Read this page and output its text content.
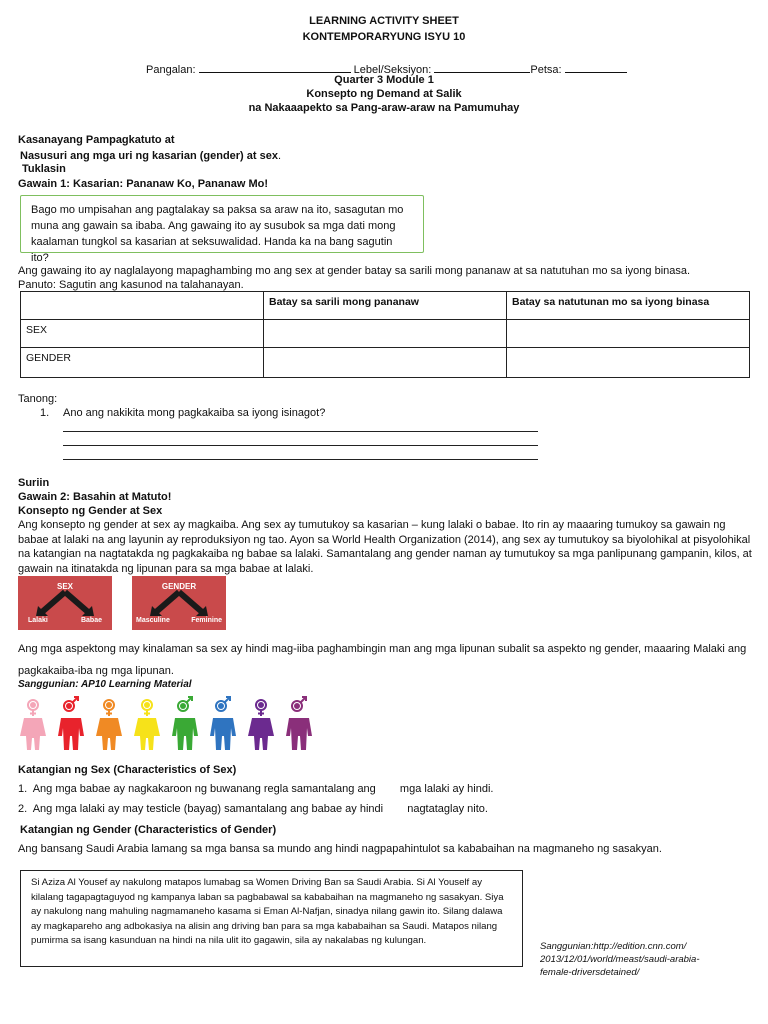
LEARNING ACTIVITY SHEET
KONTEMPORARYUNG ISYU 10
Pangalan:	Lebel/Seksiyon:	Petsa:
Quarter 3 Module 1
Konsepto ng Demand at Salik
na Nakaaapekto sa Pang-araw-araw na Pamumuhay
Kasanayang Pampagkatuto at
Nasusuri ang mga uri ng kasarian (gender) at sex.
Tuklasin
Gawain 1: Kasarian: Pananaw Ko, Pananaw Mo!
Bago mo umpisahan ang pagtalakay sa paksa sa araw na ito, sasagutan mo muna ang gawain sa ibaba. Ang gawaing ito ay susubok sa mga dati mong kaalaman tungkol sa kasarian at seksuwalidad. Handa ka na bang sagutin ito?
Ang gawaing ito ay naglalayong mapaghambing mo ang sex at gender batay sa sarili mong pananaw at sa natutuhan mo sa iyong binasa.
Panuto: Sagutin ang kasunod na talahanayan.
	Batay sa sarili mong pananaw	Batay sa natutunan mo sa iyong binasa
SEX		
GENDER		
Tanong:
1. Ano ang nakikita mong pagkakaiba sa iyong isinagot?
Suriin
Gawain 2: Basahin at Matuto!
Konsepto ng Gender at Sex
Ang konsepto ng gender at sex ay magkaiba. Ang sex ay tumutukoy sa kasarian – kung lalaki o babae. Ito rin ay maaaring tumukoy sa gawain ng babae at lalaki na ang layunin ay reproduksiyon ng tao. Ayon sa World Health Organization (2014), ang sex ay tumutukoy sa biyolohikal at pisyolohikal na katangian na nagtatakda ng pagkakaiba ng babae sa lalaki. Samantalang ang gender naman ay tumutukoy sa mga panlipunang gampanin, kilos, at gawain na itinatakda ng lipunan para sa mga babae at lalaki.
SEX
Lalaki	Babae
GENDER
Masculine	Feminine
Ang mga aspektong may kinalaman sa sex ay hindi mag-iiba paghambingin man ang mga lipunan subalit sa aspekto ng gender, maaaring Malaki ang pagkakaiba-iba ng mga lipunan.
Sanggunian: AP10 Learning Material
Katangian ng Sex (Characteristics of Sex)
1. Ang mga babae ay nagkakaroon ng buwanang regla samantalang ang mga lalaki ay hindi.
2. Ang mga lalaki ay may testicle (bayag) samantalang ang babae ay hindi nagtataglay nito.
Katangian ng Gender (Characteristics of Gender)
Ang bansang Saudi Arabia lamang sa mga bansa sa mundo ang hindi nagpapahintulot sa kababaihan na magmaneho ng sasakyan.
Si Aziza Al Yousef ay nakulong matapos lumabag sa Women Driving Ban sa Saudi Arabia. Si Al Youself ay kilalang tagapagtaguyod ng kampanya laban sa pagbabawal sa kababaihan na magmaneho ng sasakyan. Siya ay nakulong nang mahuling nagmamaneho kasama si Eman Al-Nafjan, sinadya nilang gawin ito. Silang dalawa ay magkapareho ang adbokasiya na alisin ang driving ban para sa mga kababaihan sa Saudi. Matapos nilang pumirma sa isang kasunduan na hindi na nila ulit ito gagawin, sila ay nakalabas ng kulungan.
Sanggunian:http://edition.cnn.com/
2013/12/01/world/meast/saudi-arabia-
female-driversdetained/
